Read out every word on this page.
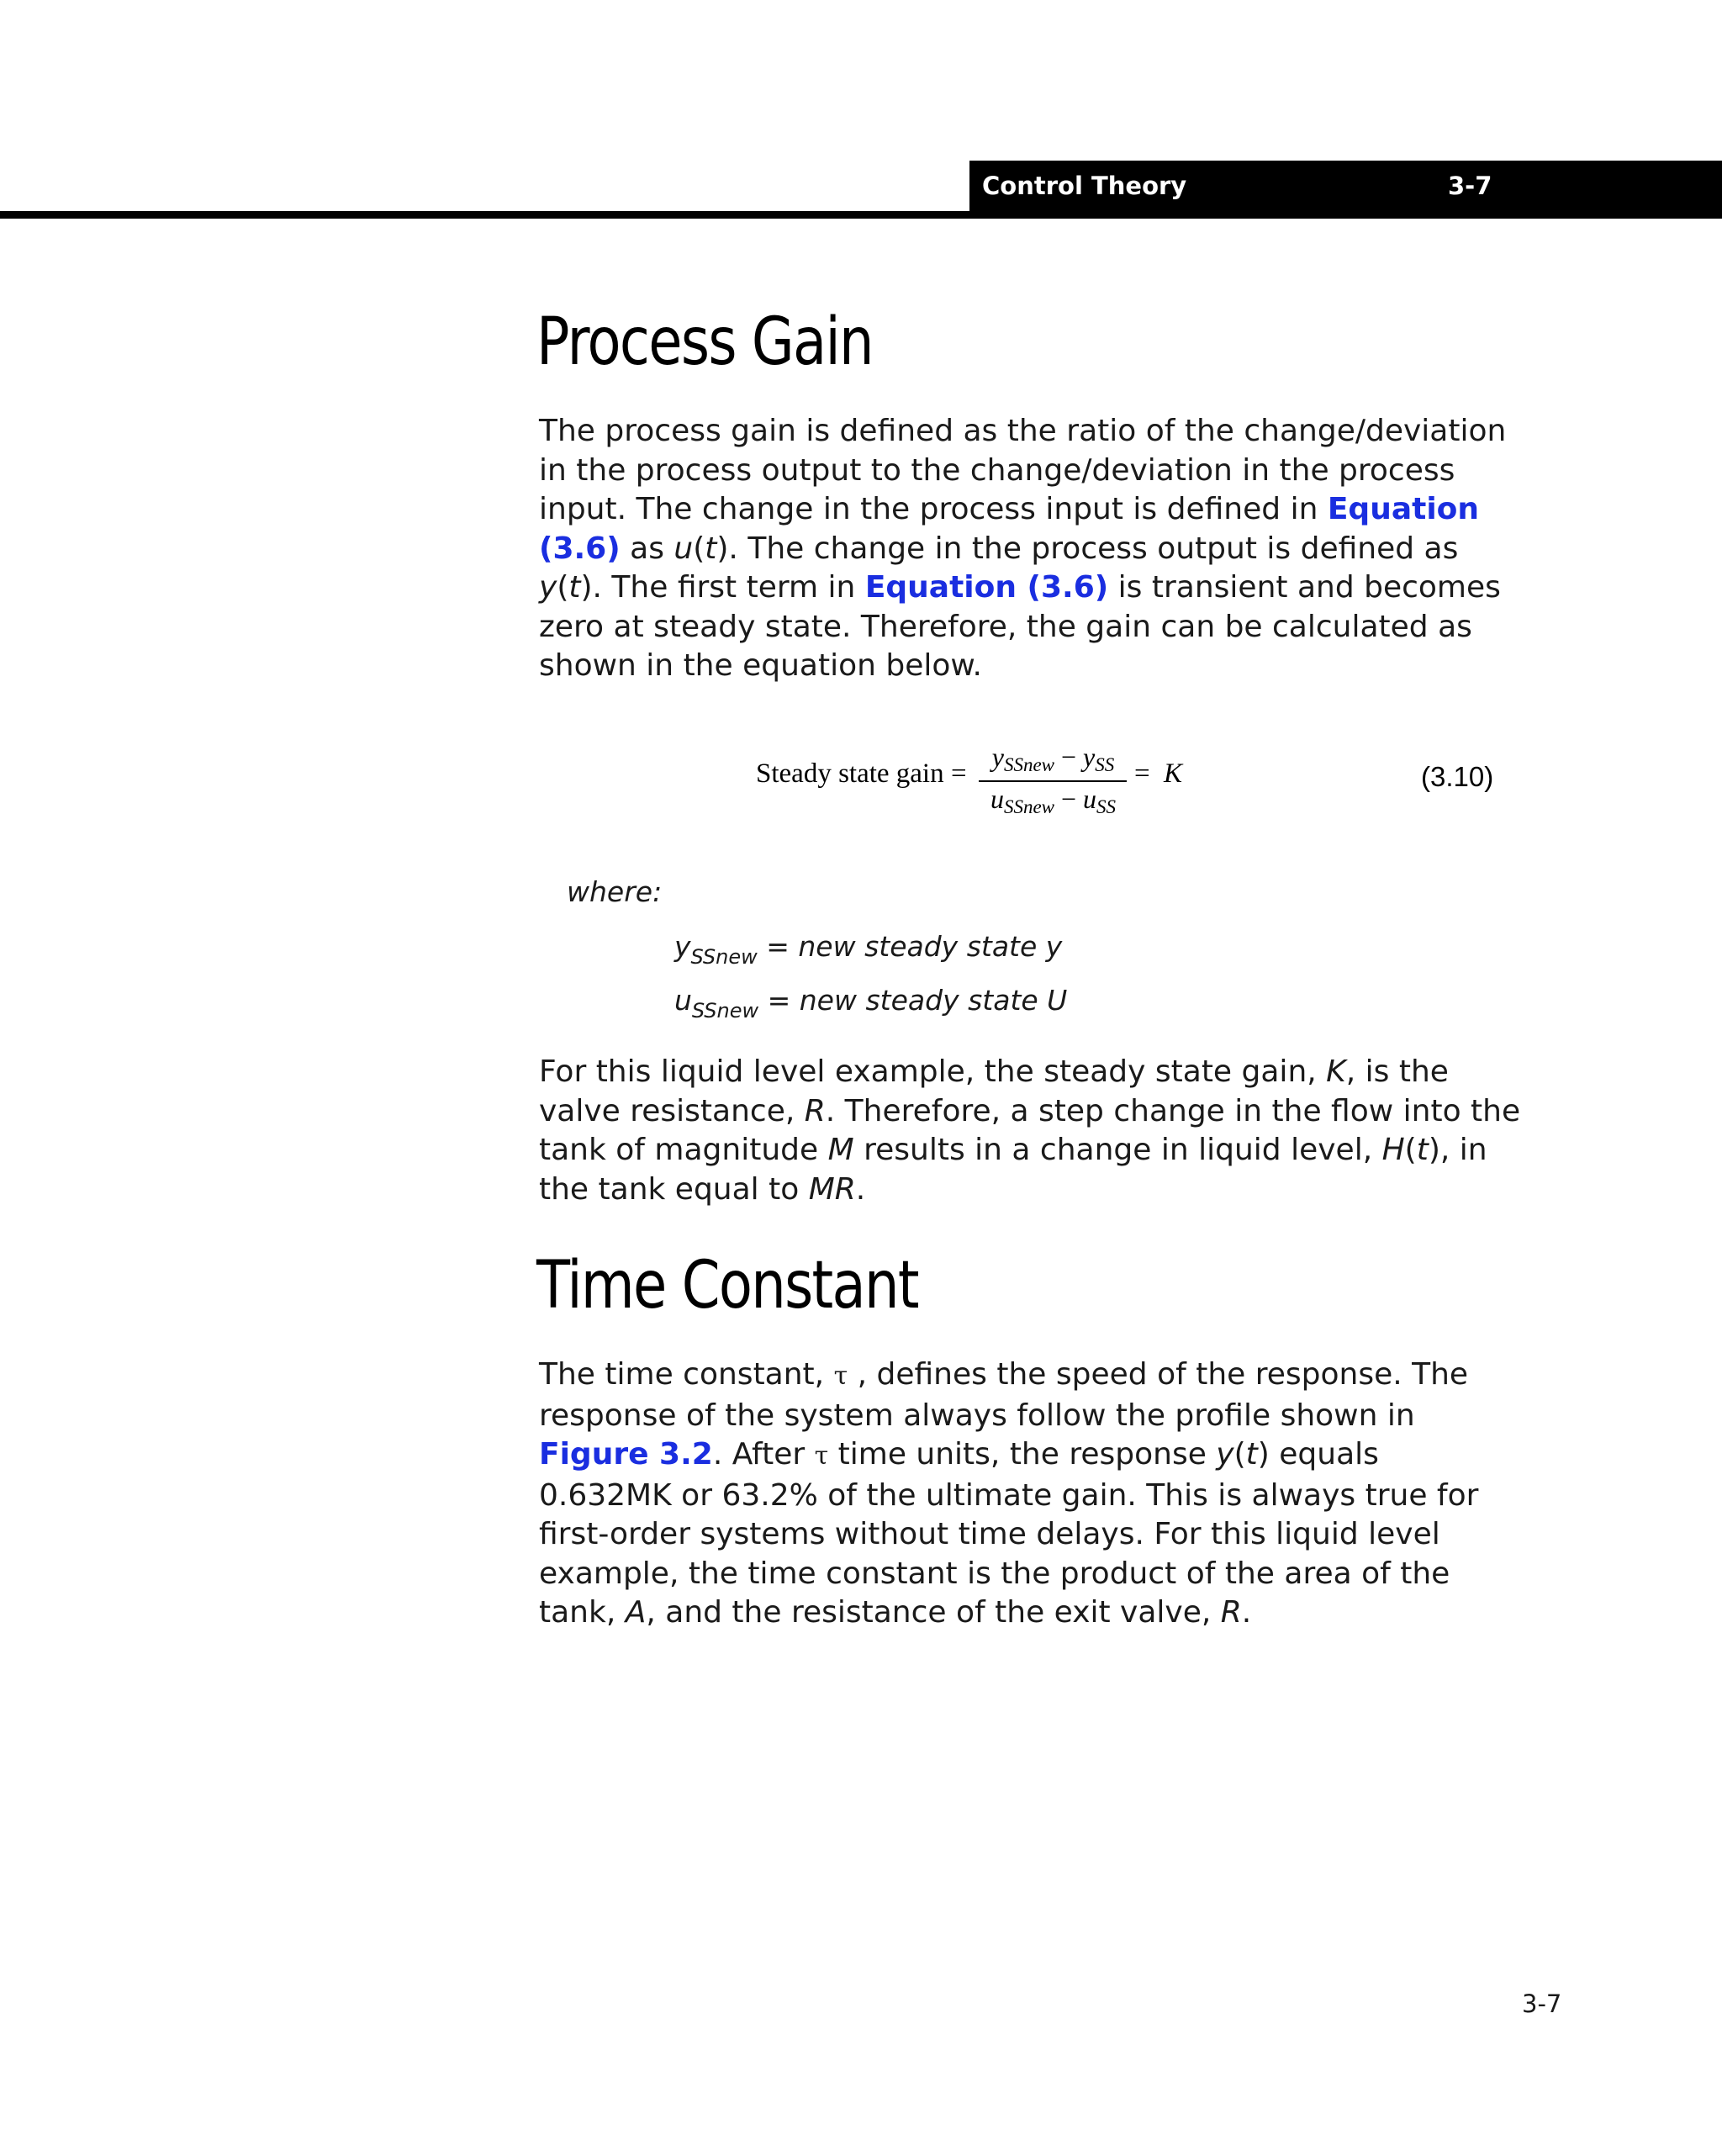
Control Theory	3-7
Process Gain
The process gain is defined as the ratio of the change/deviation
in the process output to the change/deviation in the process
input. The change in the process input is defined in Equation
(3.6) as u(t). The change in the process output is defined as
y(t). The first term in Equation (3.6) is transient and becomes
zero at steady state. Therefore, the gain can be calculated as
shown in the equation below.
Steady state gain =
ySSnew − ySS
uSSnew − uSS
= K	(3.10)
where:
$y_{SSnew}$ = new steady state y
$u_{SSnew}$ = new steady state U
For this liquid level example, the steady state gain, K, is the
valve resistance, R. Therefore, a step change in the flow into the
tank of magnitude M results in a change in liquid level, H(t), in
the tank equal to MR.
Time Constant
The time constant, τ , defines the speed of the response. The
response of the system always follow the profile shown in
Figure 3.2. After τ time units, the response y(t) equals
0.632MK or 63.2% of the ultimate gain. This is always true for
first-order systems without time delays. For this liquid level
example, the time constant is the product of the area of the
tank, A, and the resistance of the exit valve, R.
3-7
